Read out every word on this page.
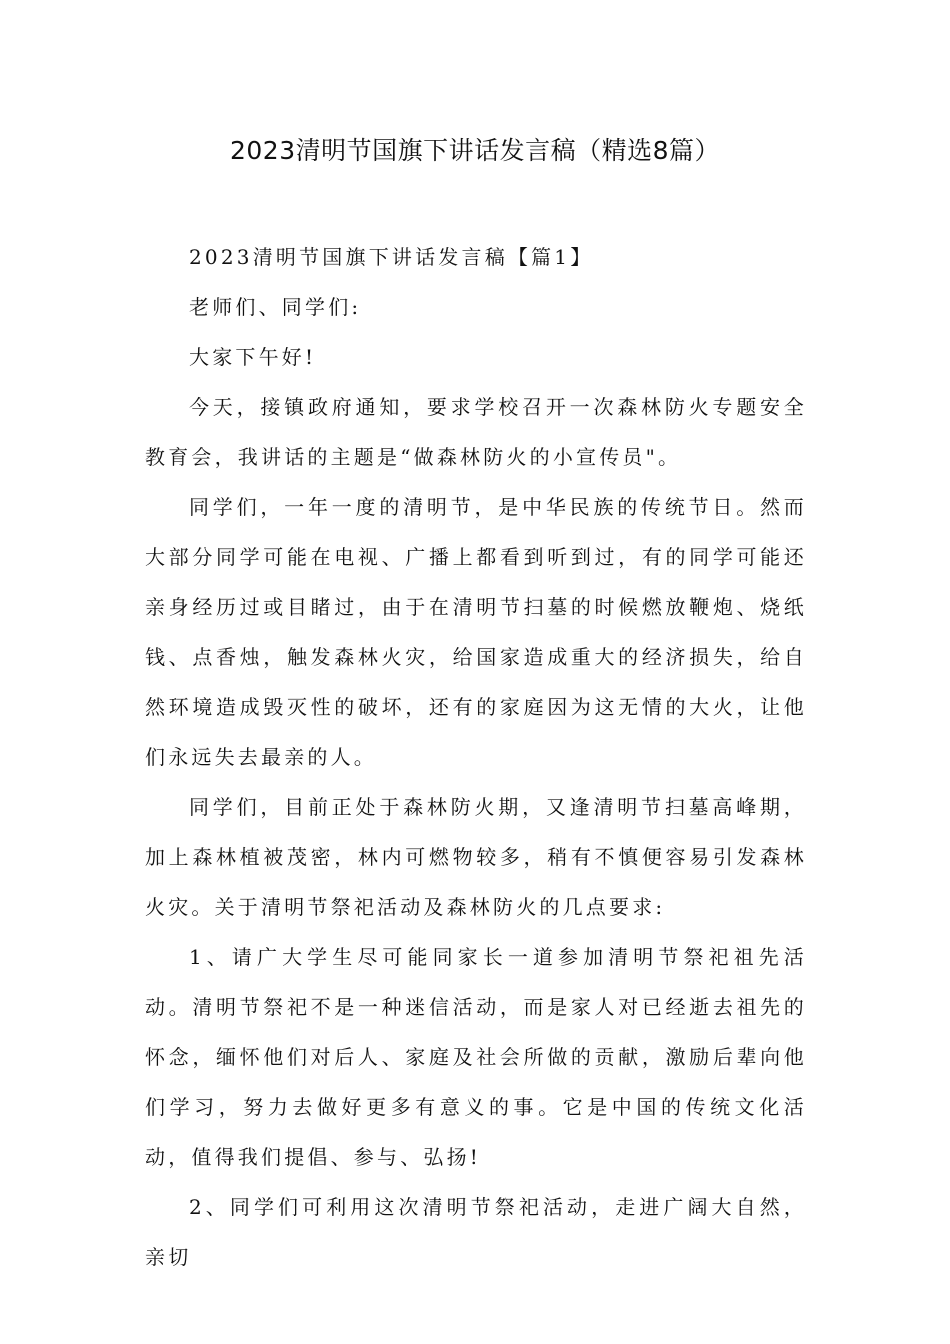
2023清明节国旗下讲话发言稿（精选8篇）

2023清明节国旗下讲话发言稿【篇1】

老师们、同学们:

大家下午好!

今天，接镇政府通知，要求学校召开一次森林防火专题安全教育会，我讲话的主题是“做森林防火的小宣传员"。

同学们，一年一度的清明节，是中华民族的传统节日。然而大部分同学可能在电视、广播上都看到听到过，有的同学可能还亲身经历过或目睹过，由于在清明节扫墓的时候燃放鞭炮、烧纸钱、点香烛，触发森林火灾，给国家造成重大的经济损失，给自然环境造成毁灭性的破坏，还有的家庭因为这无情的大火，让他们永远失去最亲的人。

同学们，目前正处于森林防火期，又逢清明节扫墓高峰期，加上森林植被茂密，林内可燃物较多，稍有不慎便容易引发森林火灾。关于清明节祭祀活动及森林防火的几点要求:

1、请广大学生尽可能同家长一道参加清明节祭祀祖先活动。清明节祭祀不是一种迷信活动，而是家人对已经逝去祖先的怀念，缅怀他们对后人、家庭及社会所做的贡献，激励后辈向他们学习，努力去做好更多有意义的事。它是中国的传统文化活动，值得我们提倡、参与、弘扬!

2、同学们可利用这次清明节祭祀活动，走进广阔大自然，亲切
